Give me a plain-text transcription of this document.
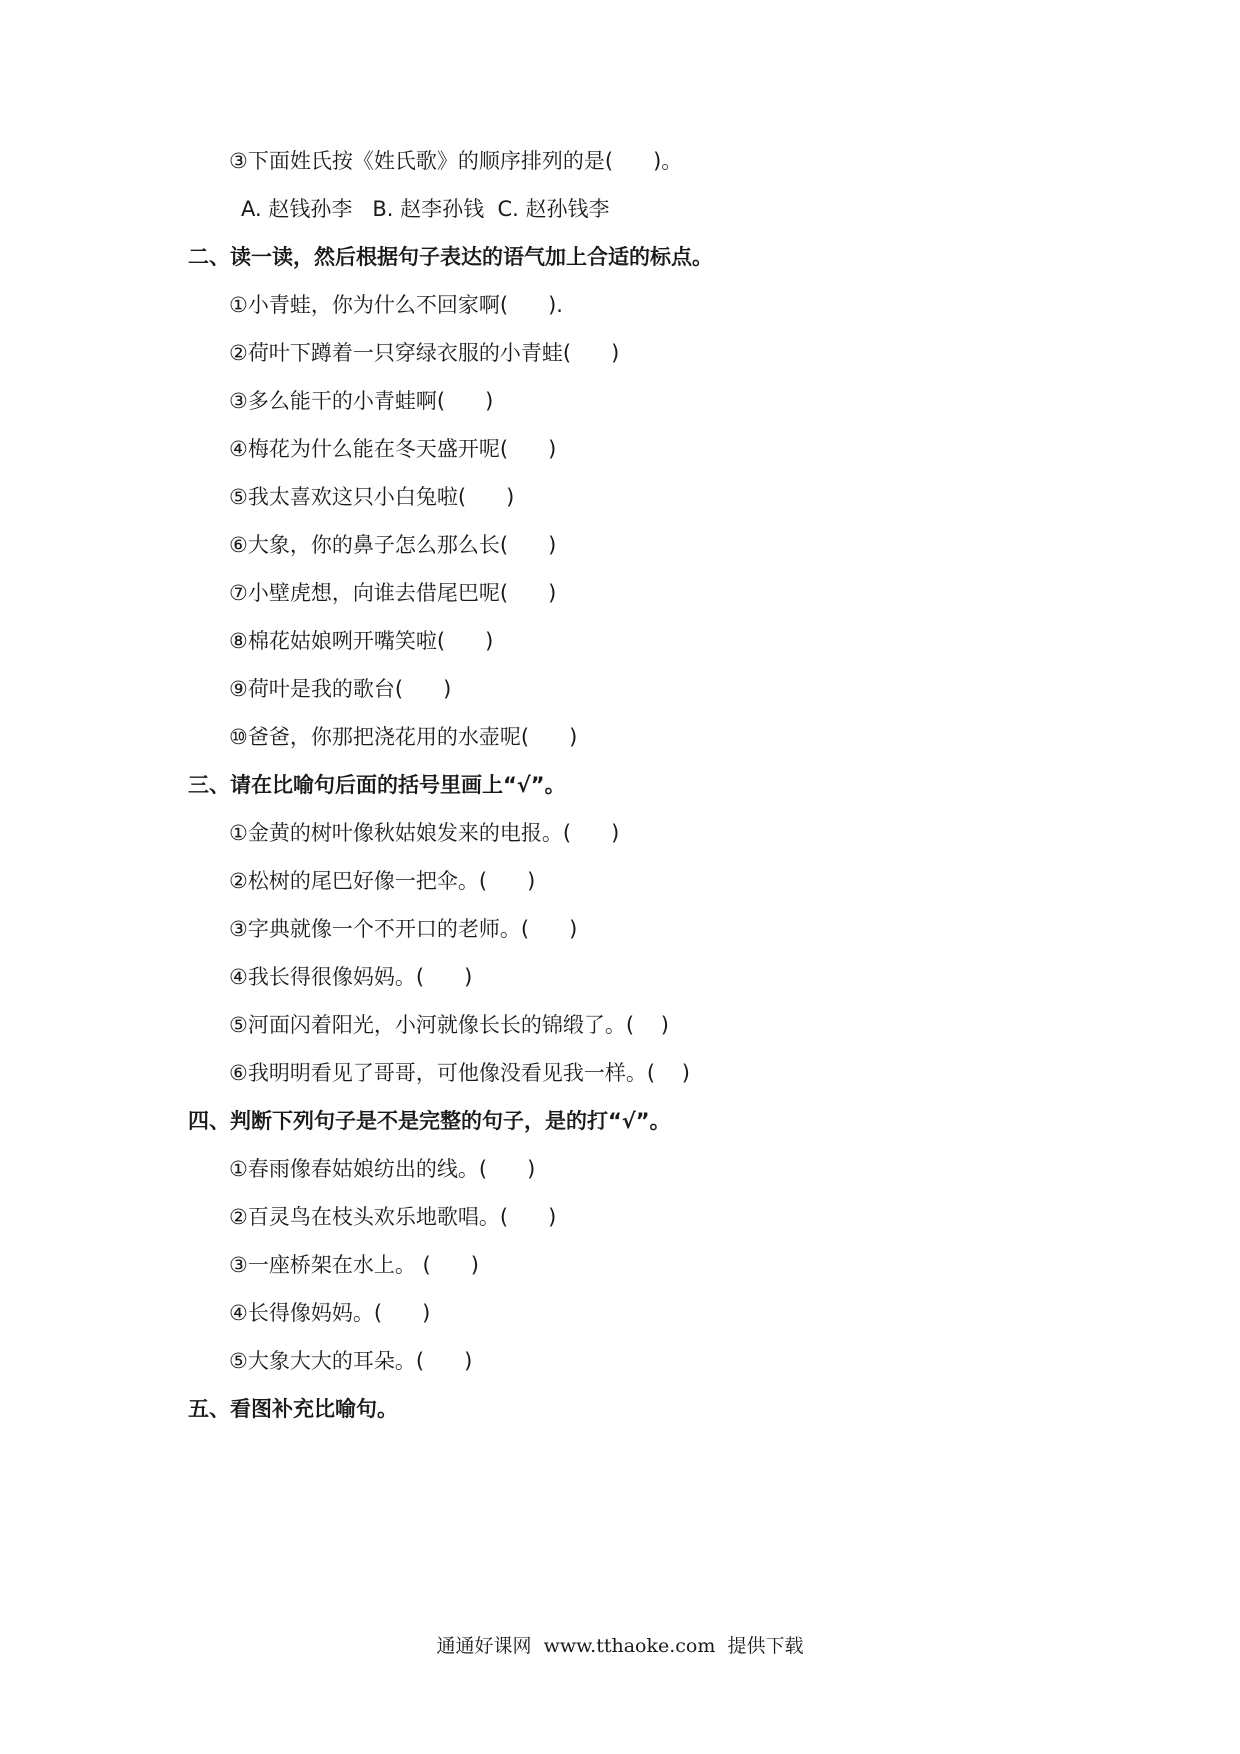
③下面姓氏按《姓氏歌》的顺序排列的是(      )。
A. 赵钱孙李   B. 赵李孙钱  C. 赵孙钱李
二、读一读，然后根据句子表达的语气加上合适的标点。
①小青蛙，你为什么不回家啊(      ).
②荷叶下蹲着一只穿绿衣服的小青蛙(      )
③多么能干的小青蛙啊(      )
④梅花为什么能在冬天盛开呢(      )
⑤我太喜欢这只小白兔啦(      )
⑥大象，你的鼻子怎么那么长(      )
⑦小壁虎想，向谁去借尾巴呢(      )
⑧棉花姑娘咧开嘴笑啦(      )
⑨荷叶是我的歌台(      )
⑩爸爸，你那把浇花用的水壶呢(      )
三、请在比喻句后面的括号里画上“√”。
①金黄的树叶像秋姑娘发来的电报。(      )
②松树的尾巴好像一把伞。(      )
③字典就像一个不开口的老师。(      )
④我长得很像妈妈。(      )
⑤河面闪着阳光，小河就像长长的锦缎了。(    )
⑥我明明看见了哥哥，可他像没看见我一样。(    )
四、判断下列句子是不是完整的句子，是的打“√”。
①春雨像春姑娘纺出的线。(      )
②百灵鸟在枝头欢乐地歌唱。(      )
③一座桥架在水上。 (      )
④长得像妈妈。(      )
⑤大象大大的耳朵。(      )
五、看图补充比喻句。
通通好课网  www.tthaoke.com  提供下载
